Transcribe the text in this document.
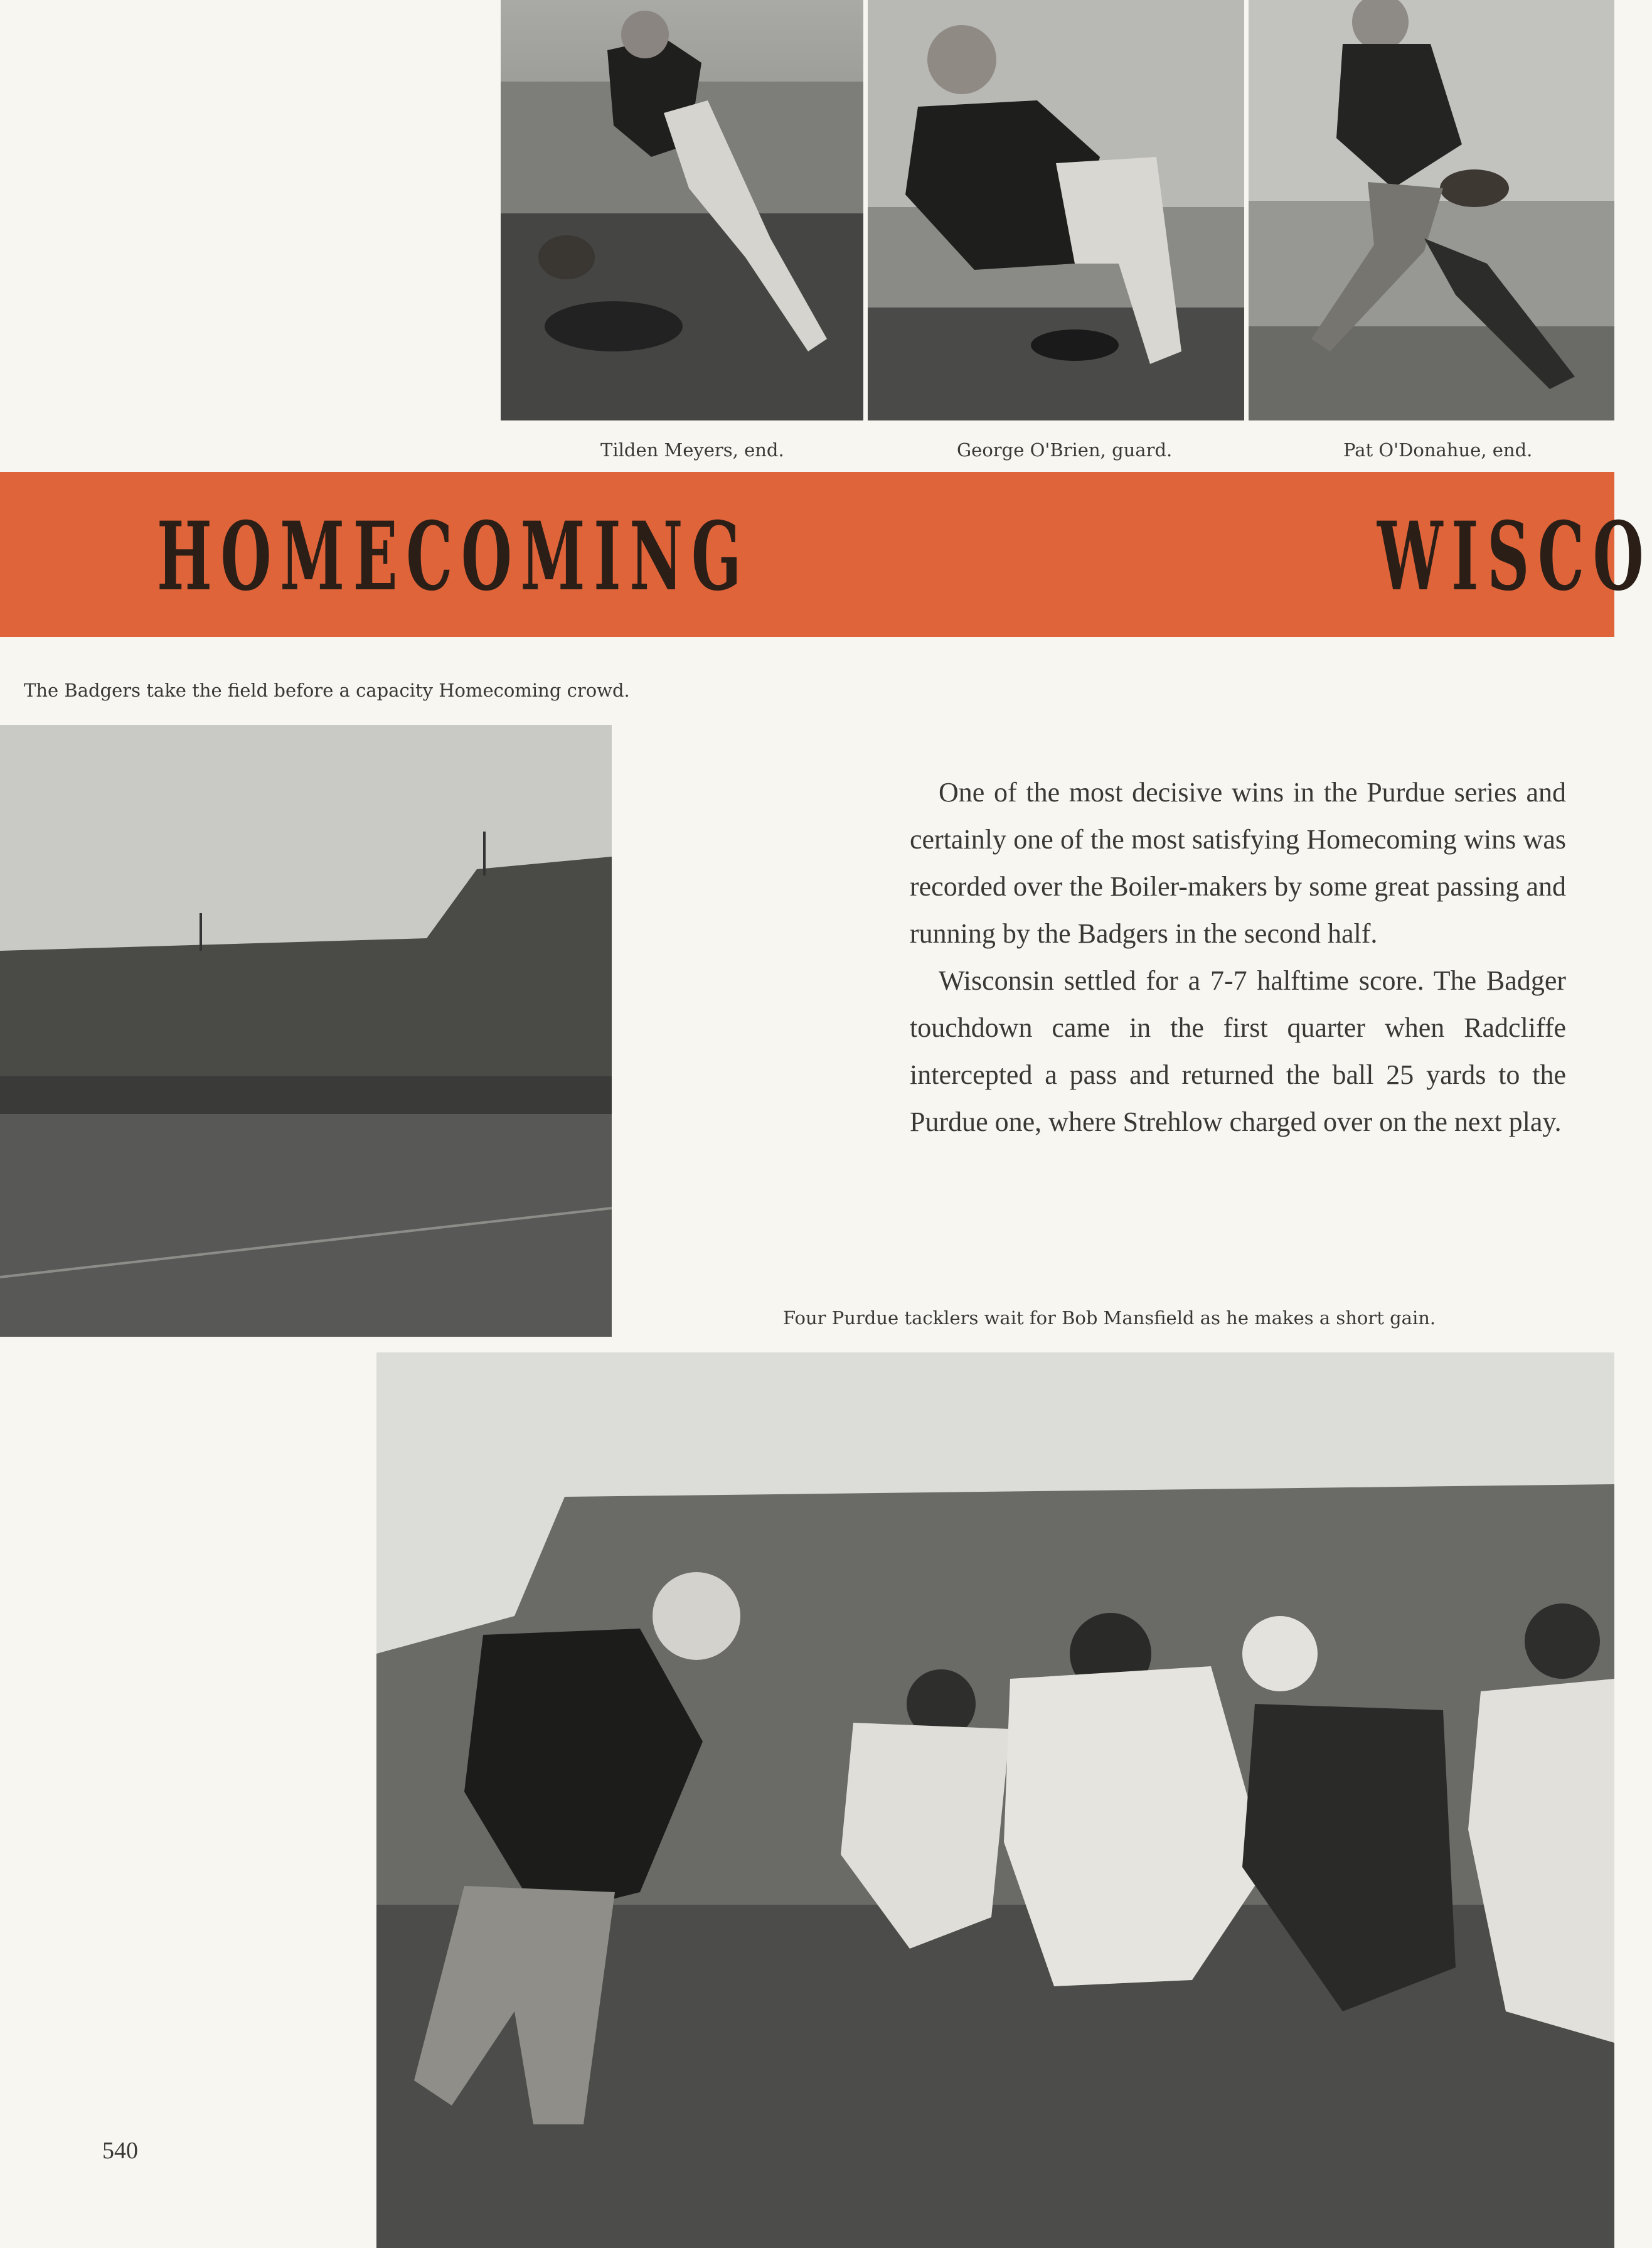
Tilden Meyers, end.	George O'Brien, guard.	Pat O'Donahue, end.
HOMECOMING	WISCO
The Badgers take the field before a capacity Homecoming crowd.

One of the most decisive wins in the Purdue series and certainly one of the most satisfying Homecoming wins was recorded over the Boiler-makers by some great passing and running by the Badgers in the second half.

Wisconsin settled for a 7-7 halftime score. The Badger touchdown came in the first quarter when Radcliffe intercepted a pass and returned the ball 25 yards to the Purdue one, where Strehlow charged over on the next play.

Four Purdue tacklers wait for Bob Mansfield as he makes a short gain.
540
